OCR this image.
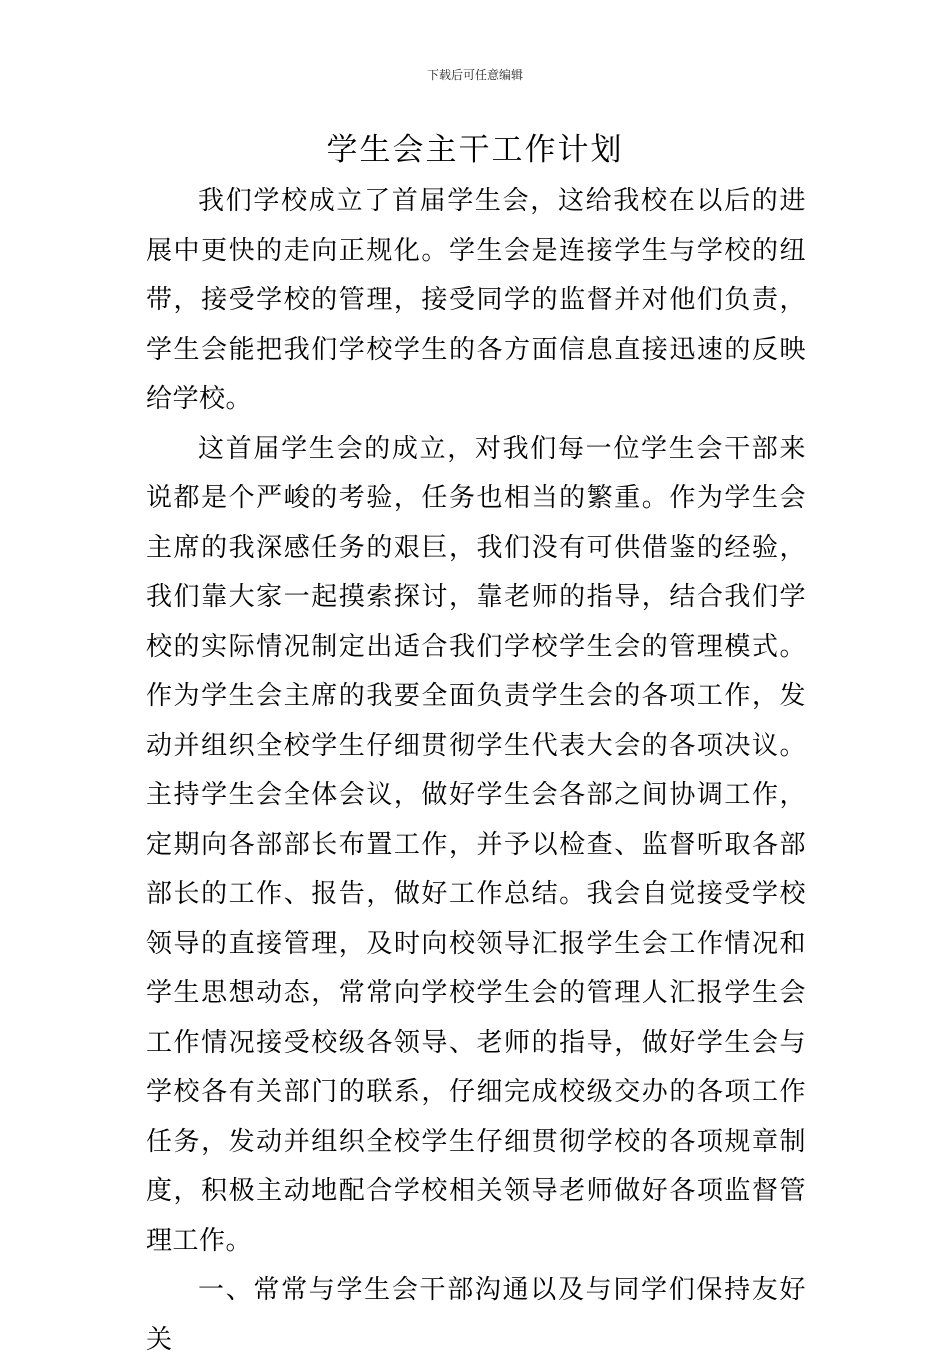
下载后可任意编辑
学生会主干工作计划

我们学校成立了首届学生会，这给我校在以后的进展中更快的走向正规化。学生会是连接学生与学校的纽带，接受学校的管理，接受同学的监督并对他们负责，学生会能把我们学校学生的各方面信息直接迅速的反映给学校。

这首届学生会的成立，对我们每一位学生会干部来说都是个严峻的考验，任务也相当的繁重。作为学生会主席的我深感任务的艰巨，我们没有可供借鉴的经验，我们靠大家一起摸索探讨，靠老师的指导，结合我们学校的实际情况制定出适合我们学校学生会的管理模式。作为学生会主席的我要全面负责学生会的各项工作，发动并组织全校学生仔细贯彻学生代表大会的各项决议。主持学生会全体会议，做好学生会各部之间协调工作，定期向各部部长布置工作，并予以检查、监督听取各部部长的工作、报告，做好工作总结。我会自觉接受学校领导的直接管理，及时向校领导汇报学生会工作情况和学生思想动态，常常向学校学生会的管理人汇报学生会工作情况接受校级各领导、老师的指导，做好学生会与学校各有关部门的联系，仔细完成校级交办的各项工作任务，发动并组织全校学生仔细贯彻学校的各项规章制度，积极主动地配合学校相关领导老师做好各项监督管理工作。

一、常常与学生会干部沟通以及与同学们保持友好关
